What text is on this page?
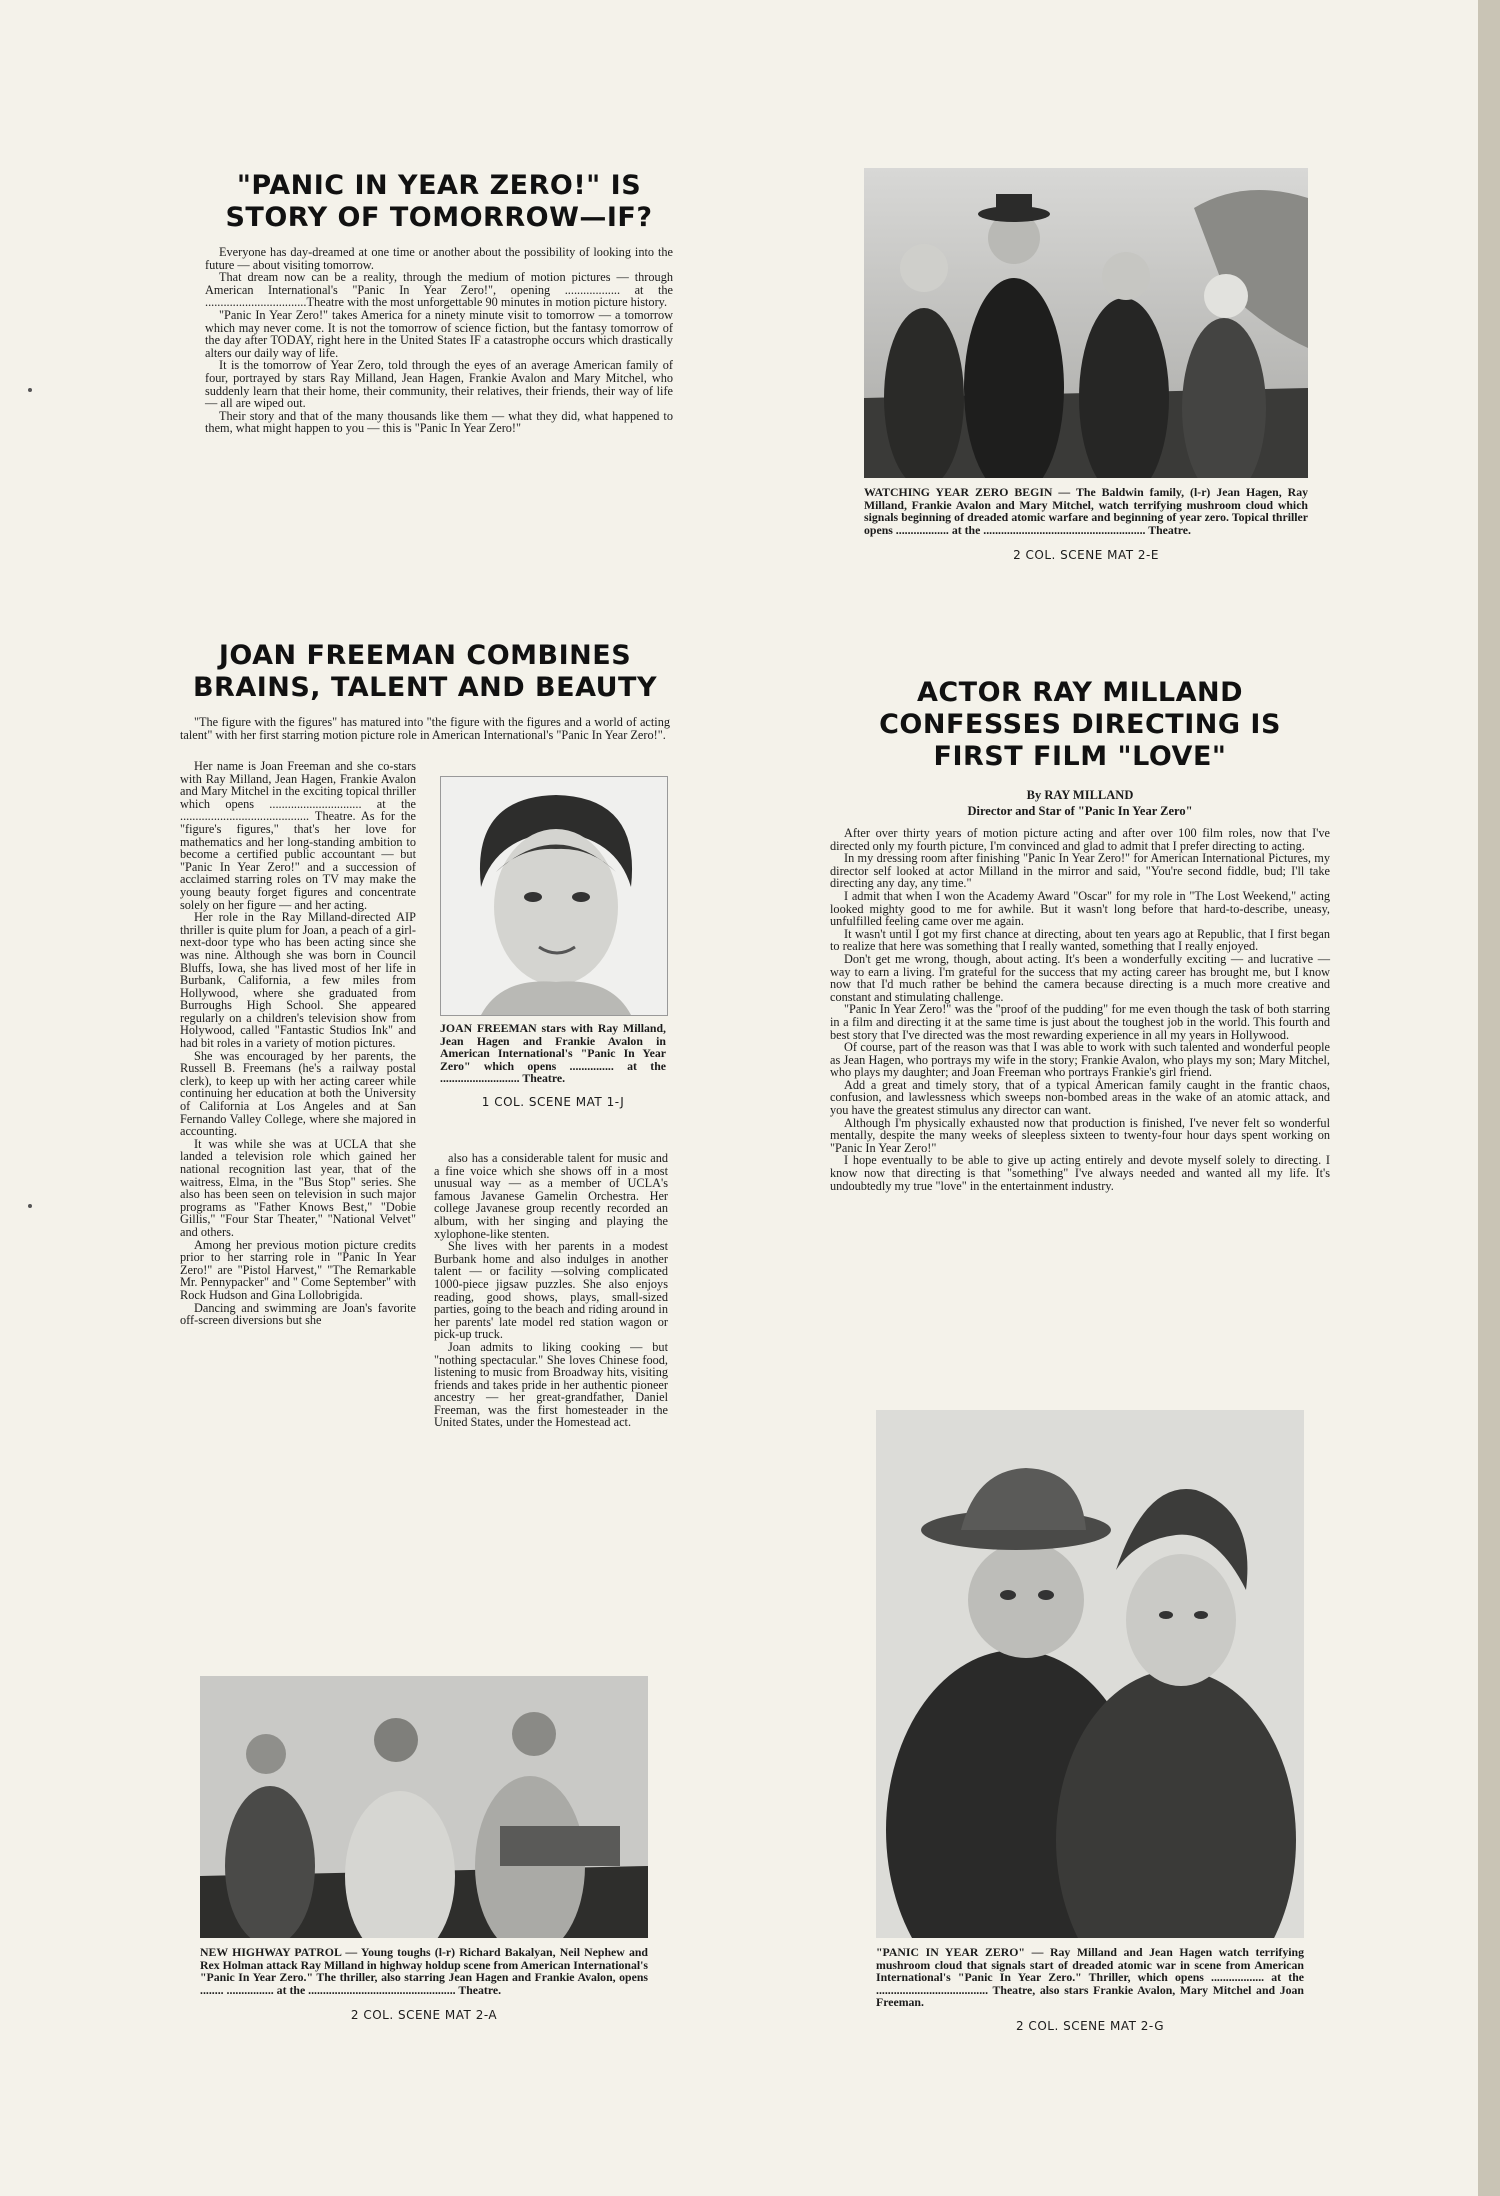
"PANIC IN YEAR ZERO!" IS STORY OF TOMORROW—IF?

Everyone has day-dreamed at one time or another about the possibility of looking into the future — about visiting tomorrow.

That dream now can be a reality, through the medium of motion pictures — through American International's "Panic In Year Zero!", opening .................. at the .................................Theatre with the most unforgettable 90 minutes in motion picture history.

"Panic In Year Zero!" takes America for a ninety minute visit to tomorrow — a tomorrow which may never come. It is not the tomorrow of science fiction, but the fantasy tomorrow of the day after TODAY, right here in the United States IF a catastrophe occurs which drastically alters our daily way of life.

It is the tomorrow of Year Zero, told through the eyes of an average American family of four, portrayed by stars Ray Milland, Jean Hagen, Frankie Avalon and Mary Mitchel, who suddenly learn that their home, their community, their relatives, their friends, their way of life — all are wiped out.

Their story and that of the many thousands like them — what they did, what happened to them, what might happen to you — this is "Panic In Year Zero!"

WATCHING YEAR ZERO BEGIN — The Baldwin family, (l-r) Jean Hagen, Ray Milland, Frankie Avalon and Mary Mitchel, watch terrifying mushroom cloud which signals beginning of dreaded atomic warfare and beginning of year zero. Topical thriller opens .................. at the ....................................................... Theatre.

2 COL. SCENE MAT 2-E

JOAN FREEMAN COMBINES BRAINS, TALENT AND BEAUTY

"The figure with the figures" has matured into "the figure with the figures and a world of acting talent" with her first starring motion picture role in American International's "Panic In Year Zero!".

Her name is Joan Freeman and she co-stars with Ray Milland, Jean Hagen, Frankie Avalon and Mary Mitchel in the exciting topical thriller which opens .............................. at the .......................................... Theatre. As for the "figure's figures," that's her love for mathematics and her long-standing ambition to become a certified public accountant — but "Panic In Year Zero!" and a succession of acclaimed starring roles on TV may make the young beauty forget figures and concentrate solely on her figure — and her acting.

Her role in the Ray Milland-directed AIP thriller is quite plum for Joan, a peach of a girl-next-door type who has been acting since she was nine. Although she was born in Council Bluffs, Iowa, she has lived most of her life in Burbank, California, a few miles from Hollywood, where she graduated from Burroughs High School. She appeared regularly on a children's television show from Holywood, called "Fantastic Studios Ink" and had bit roles in a variety of motion pictures.

She was encouraged by her parents, the Russell B. Freemans (he's a railway postal clerk), to keep up with her acting career while continuing her education at both the University of California at Los Angeles and at San Fernando Valley College, where she majored in accounting.

It was while she was at UCLA that she landed a television role which gained her national recognition last year, that of the waitress, Elma, in the "Bus Stop" series. She also has been seen on television in such major programs as "Father Knows Best," "Dobie Gillis," "Four Star Theater," "National Velvet" and others.

Among her previous motion picture credits prior to her starring role in "Panic In Year Zero!" are "Pistol Harvest," "The Remarkable Mr. Pennypacker" and " Come September" with Rock Hudson and Gina Lollobrigida.

Dancing and swimming are Joan's favorite off-screen diversions but she

JOAN FREEMAN stars with Ray Milland, Jean Hagen and Frankie Avalon in American International's "Panic In Year Zero" which opens ............... at the ........................... Theatre.

1 COL. SCENE MAT 1-J

also has a considerable talent for music and a fine voice which she shows off in a most unusual way — as a member of UCLA's famous Javanese Gamelin Orchestra. Her college Javanese group recently recorded an album, with her singing and playing the xylophone-like stenten.

She lives with her parents in a modest Burbank home and also indulges in another talent — or facility —solving complicated 1000-piece jigsaw puzzles. She also enjoys reading, good shows, plays, small-sized parties, going to the beach and riding around in her parents' late model red station wagon or pick-up truck.

Joan admits to liking cooking — but "nothing spectacular." She loves Chinese food, listening to music from Broadway hits, visiting friends and takes pride in her authentic pioneer ancestry — her great-grandfather, Daniel Freeman, was the first homesteader in the United States, under the Homestead act.

ACTOR RAY MILLAND CONFESSES DIRECTING IS FIRST FILM "LOVE"

By RAY MILLAND

Director and Star of "Panic In Year Zero"

After over thirty years of motion picture acting and after over 100 film roles, now that I've directed only my fourth picture, I'm convinced and glad to admit that I prefer directing to acting.

In my dressing room after finishing "Panic In Year Zero!" for American International Pictures, my director self looked at actor Milland in the mirror and said, "You're second fiddle, bud; I'll take directing any day, any time."

I admit that when I won the Academy Award "Oscar" for my role in "The Lost Weekend," acting looked mighty good to me for awhile. But it wasn't long before that hard-to-describe, uneasy, unfulfilled feeling came over me again.

It wasn't until I got my first chance at directing, about ten years ago at Republic, that I first began to realize that here was something that I really wanted, something that I really enjoyed.

Don't get me wrong, though, about acting. It's been a wonderfully exciting — and lucrative — way to earn a living. I'm grateful for the success that my acting career has brought me, but I know now that I'd much rather be behind the camera because directing is a much more creative and constant and stimulating challenge.

"Panic In Year Zero!" was the "proof of the pudding" for me even though the task of both starring in a film and directing it at the same time is just about the toughest job in the world. This fourth and best story that I've directed was the most rewarding experience in all my years in Hollywood.

Of course, part of the reason was that I was able to work with such talented and wonderful people as Jean Hagen, who portrays my wife in the story; Frankie Avalon, who plays my son; Mary Mitchel, who plays my daughter; and Joan Freeman who portrays Frankie's girl friend.

Add a great and timely story, that of a typical American family caught in the frantic chaos, confusion, and lawlessness which sweeps non-bombed areas in the wake of an atomic attack, and you have the greatest stimulus any director can want.

Although I'm physically exhausted now that production is finished, I've never felt so wonderful mentally, despite the many weeks of sleepless sixteen to twenty-four hour days spent working on "Panic In Year Zero!"

I hope eventually to be able to give up acting entirely and devote myself solely to directing. I know now that directing is that "something" I've always needed and wanted all my life. It's undoubtedly my true "love" in the entertainment industry.

NEW HIGHWAY PATROL — Young toughs (l-r) Richard Bakalyan, Neil Nephew and Rex Holman attack Ray Milland in highway holdup scene from American International's "Panic In Year Zero." The thriller, also starring Jean Hagen and Frankie Avalon, opens ........ ................ at the .................................................. Theatre.

2 COL. SCENE MAT 2-A

"PANIC IN YEAR ZERO" — Ray Milland and Jean Hagen watch terrifying mushroom cloud that signals start of dreaded atomic war in scene from American International's "Panic In Year Zero." Thriller, which opens .................. at the ...................................... Theatre, also stars Frankie Avalon, Mary Mitchel and Joan Freeman.

2 COL. SCENE MAT 2-G
